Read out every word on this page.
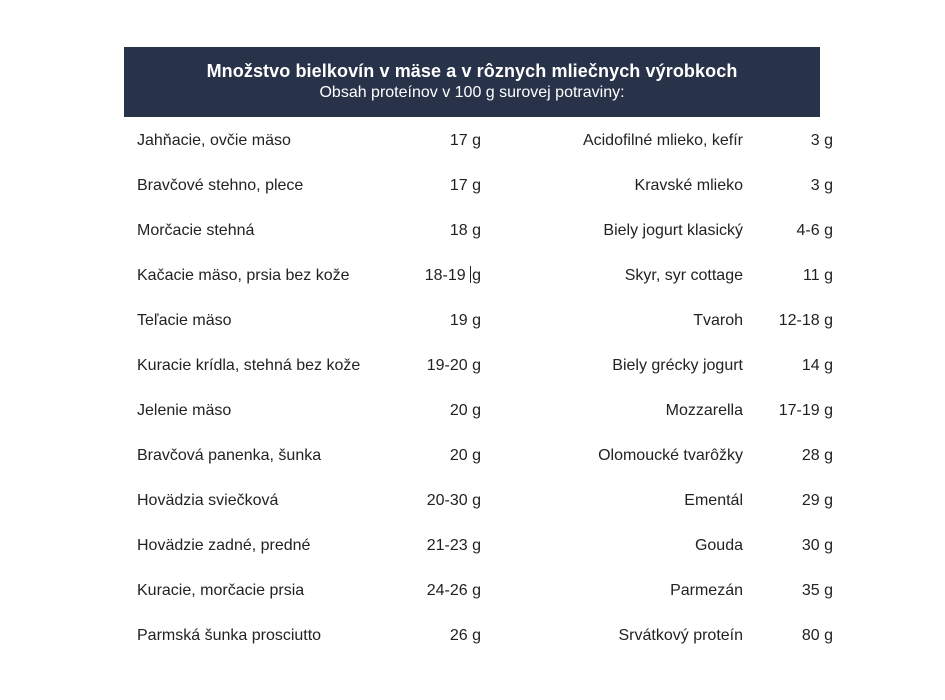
Množstvo bielkovín v mäse a v rôznych mliečnych výrobkoch
Obsah proteínov v 100 g surovej potraviny:
Jahňacie, ovčie mäso	17 g		Acidofilné mlieko, kefír	3 g
Bravčové stehno, plece	17 g		Kravské mlieko	3 g
Morčacie stehná	18 g		Biely jogurt klasický	4-6 g
Kačacie mäso, prsia bez kože	18-19 g		Skyr, syr cottage	11 g
Teľacie mäso	19 g		Tvaroh	12-18 g
Kuracie krídla, stehná bez kože	19-20 g		Biely grécky jogurt	14 g
Jelenie mäso	20 g		Mozzarella	17-19 g
Bravčová panenka, šunka	20 g		Olomoucké tvarôžky	28 g
Hovädzia sviečková	20-30 g		Ementál	29 g
Hovädzie zadné, predné	21-23 g		Gouda	30 g
Kuracie, morčacie prsia	24-26 g		Parmezán	35 g
Parmská šunka prosciutto	26 g		Srvátkový proteín	80 g
